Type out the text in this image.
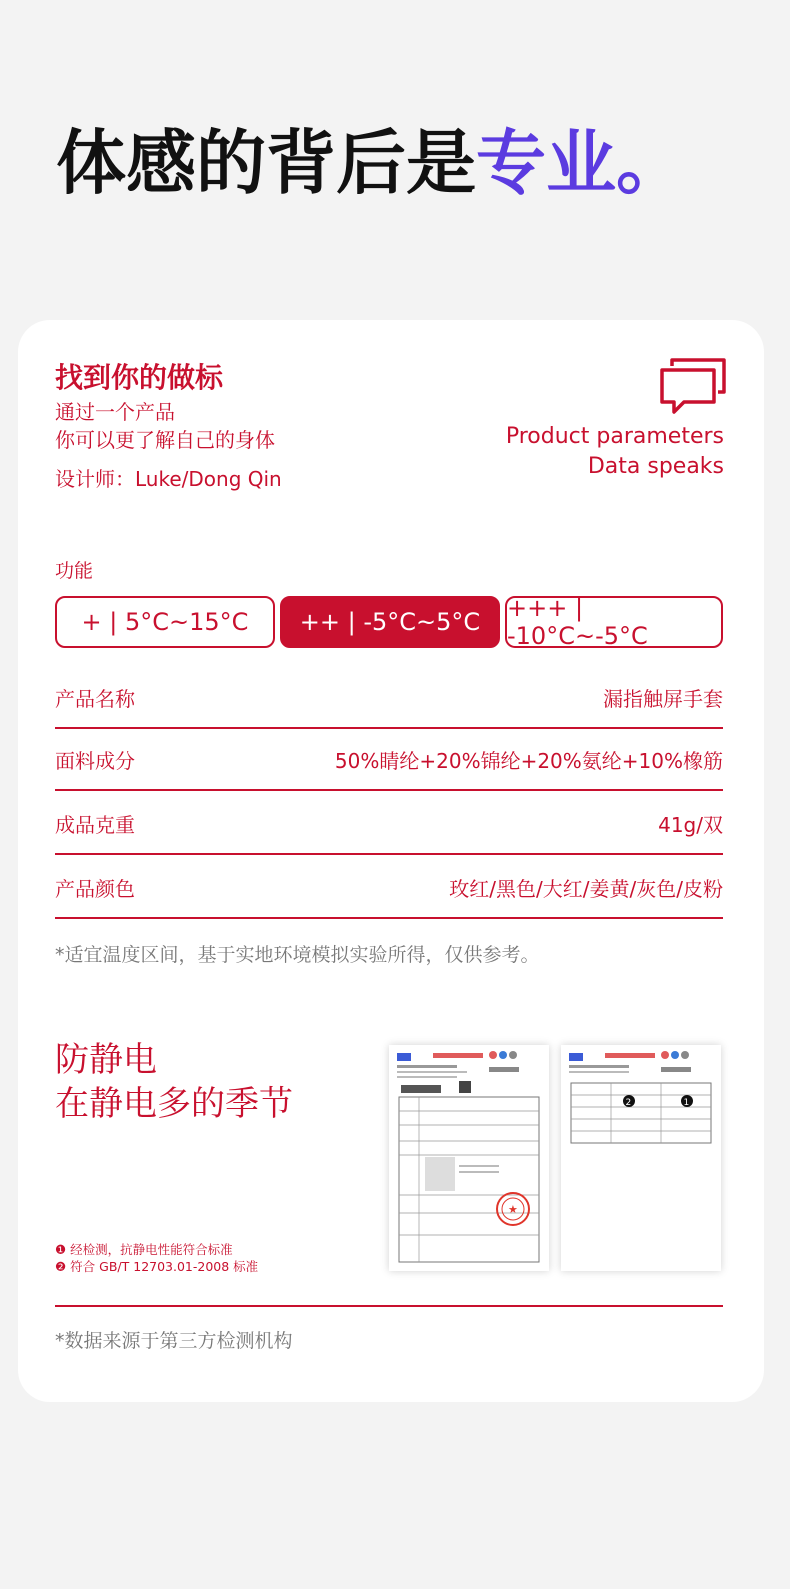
体感的背后是专业。
找到你的做标
通过一个产品
你可以更了解自己的身体
设计师：Luke/Dong Qin
Product parameters
Data speaks
功能
+ | 5°C~15°C	++ | -5°C~5°C	+++ | -10°C~-5°C
产品名称	漏指触屏手套
面料成分	50%睛纶+20%锦纶+20%氨纶+10%橡筋
成品克重	41g/双
产品颜色	玫红/黑色/大红/姜黄/灰色/皮粉
*适宜温度区间，基于实地环境模拟实验所得，仅供参考。
防静电
在静电多的季节
❶ 经检测，抗静电性能符合标准
❷ 符合 GB/T 12703.01-2008 标准
★
2	1
*数据来源于第三方检测机构
